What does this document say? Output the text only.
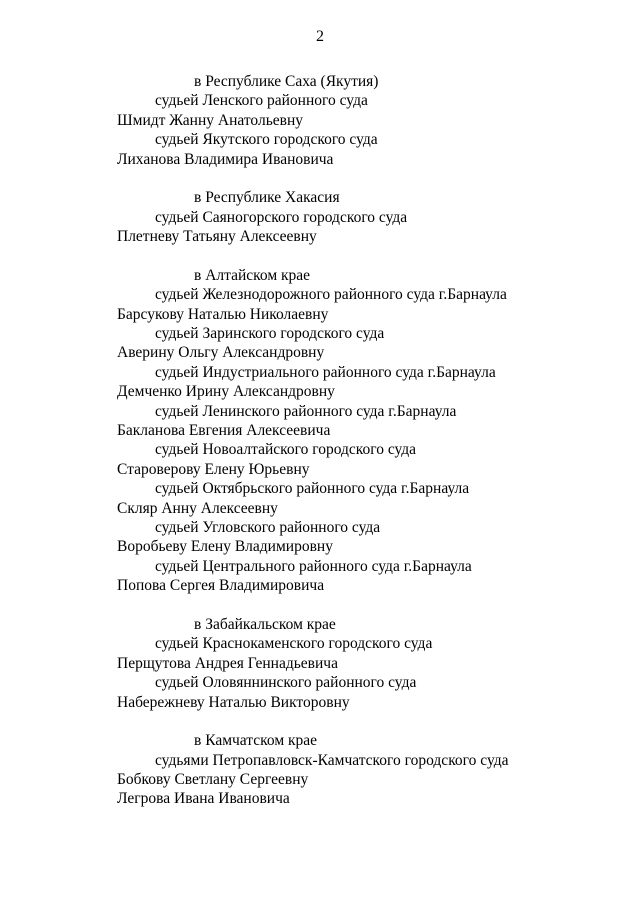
2
в Республике Саха (Якутия)
судьей Ленского районного суда
Шмидт Жанну Анатольевну
судьей Якутского городского суда
Лиханова Владимира Ивановича
в Республике Хакасия
судьей Саяногорского городского суда
Плетневу Татьяну Алексеевну
в Алтайском крае
судьей Железнодорожного районного суда г.Барнаула
Барсукову Наталью Николаевну
судьей Заринского городского суда
Аверину Ольгу Александровну
судьей Индустриального районного суда г.Барнаула
Демченко Ирину Александровну
судьей Ленинского районного суда г.Барнаула
Бакланова Евгения Алексеевича
судьей Новоалтайского городского суда
Староверову Елену Юрьевну
судьей Октябрьского районного суда г.Барнаула
Скляр Анну Алексеевну
судьей Угловского районного суда
Воробьеву Елену Владимировну
судьей Центрального районного суда г.Барнаула
Попова Сергея Владимировича
в Забайкальском крае
судьей Краснокаменского городского суда
Перщутова Андрея Геннадьевича
судьей Оловяннинского районного суда
Набережневу Наталью Викторовну
в Камчатском крае
судьями Петропавловск-Камчатского городского суда
Бобкову Светлану Сергеевну
Легрова Ивана Ивановича
